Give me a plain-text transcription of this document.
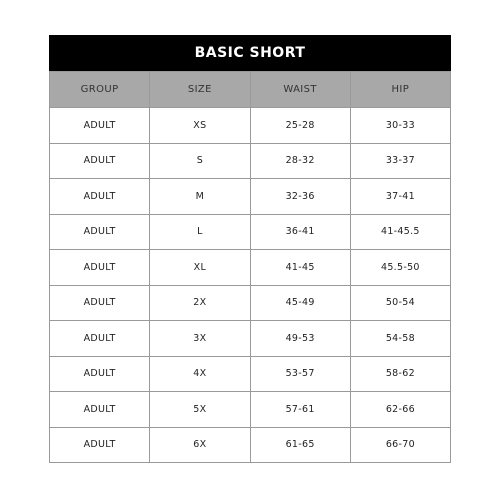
BASIC SHORT
GROUP	SIZE	WAIST	HIP
ADULT	XS	25-28	30-33
ADULT	S	28-32	33-37
ADULT	M	32-36	37-41
ADULT	L	36-41	41-45.5
ADULT	XL	41-45	45.5-50
ADULT	2X	45-49	50-54
ADULT	3X	49-53	54-58
ADULT	4X	53-57	58-62
ADULT	5X	57-61	62-66
ADULT	6X	61-65	66-70
